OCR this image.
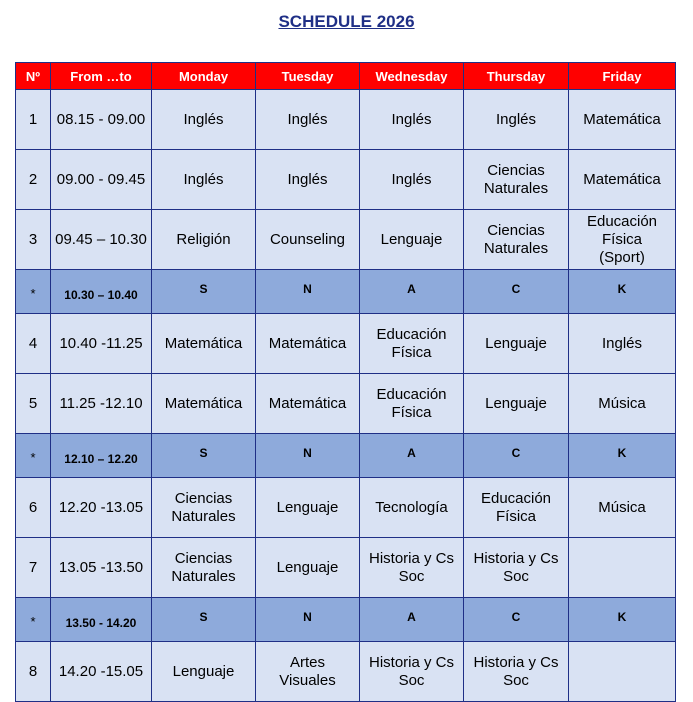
SCHEDULE 2026
Nº	From …to	Monday	Tuesday	Wednesday	Thursday	Friday
1	08.15 - 09.00	Inglés	Inglés	Inglés	Inglés	Matemática
2	09.00 - 09.45	Inglés	Inglés	Inglés	Ciencias
Naturales	Matemática
3	09.45 – 10.30	Religión	Counseling	Lenguaje	Ciencias
Naturales	Educación
Física
(Sport)
*	10.30 – 10.40	S	N	A	C	K
4	10.40 -11.25	Matemática	Matemática	Educación
Física	Lenguaje	Inglés
5	11.25 -12.10	Matemática	Matemática	Educación
Física	Lenguaje	Música
*	12.10 – 12.20	S	N	A	C	K
6	12.20 -13.05	Ciencias
Naturales	Lenguaje	Tecnología	Educación
Física	Música
7	13.05 -13.50	Ciencias
Naturales	Lenguaje	Historia y Cs
Soc	Historia y Cs
Soc	
*	13.50 - 14.20	S	N	A	C	K
8	14.20 -15.05	Lenguaje	Artes
Visuales	Historia y Cs
Soc	Historia y Cs
Soc	
